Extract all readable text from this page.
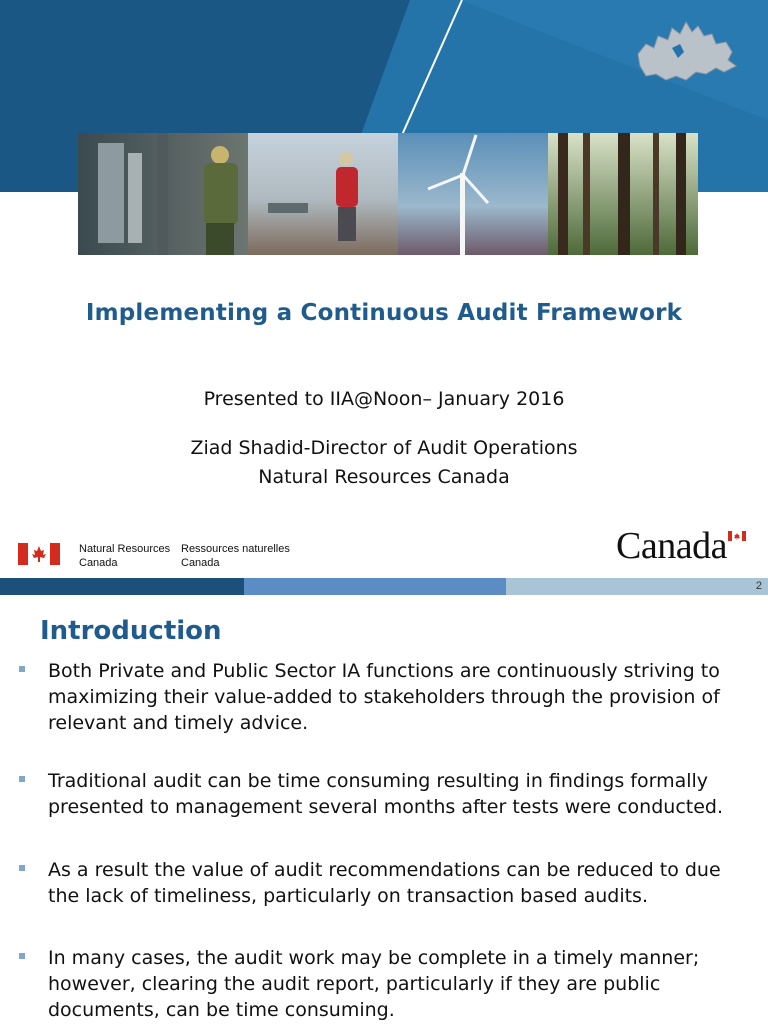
Implementing a Continuous Audit Framework
Presented to IIA@Noon– January 2016
Ziad Shadid-Director of Audit Operations
Natural Resources Canada
Natural Resources
Canada
Ressources naturelles
Canada	Canada
2
Introduction
Both Private and Public Sector IA functions are continuously striving to maximizing their value-added to stakeholders through the provision of relevant and timely advice.
Traditional audit can be time consuming resulting in findings formally presented to management several months after tests were conducted.
As a result the value of audit recommendations can be reduced to due the lack of timeliness, particularly on transaction based audits.
In many cases, the audit work may be complete in a timely manner; however, clearing the audit report, particularly if they are public documents, can be time consuming.
